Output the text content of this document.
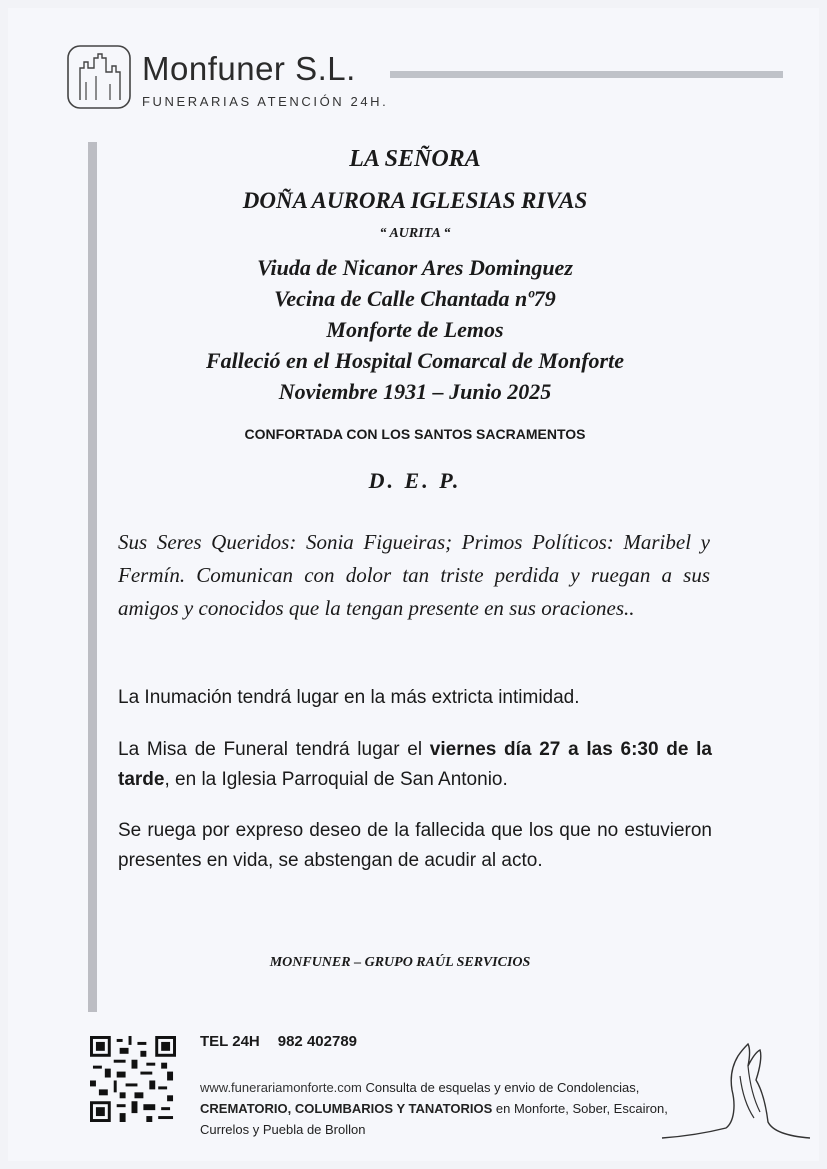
Monfuner S.L.
FUNERARIAS ATENCIÓN 24H.
LA SEÑORA
DOÑA AURORA IGLESIAS RIVAS
“ AURITA “
Viuda de Nicanor Ares Dominguez
Vecina de Calle Chantada nº79
Monforte de Lemos
Falleció en el Hospital Comarcal de Monforte
Noviembre 1931 – Junio 2025
CONFORTADA CON LOS SANTOS SACRAMENTOS
D. E. P.
Sus Seres Queridos: Sonia Figueiras; Primos Políticos: Maribel y Fermín. Comunican con dolor tan triste perdida y ruegan a sus amigos y conocidos que la tengan presente en sus oraciones..
La Inumación tendrá lugar en la más extricta intimidad.
La Misa de Funeral tendrá lugar el viernes día 27 a las 6:30 de la tarde, en la Iglesia Parroquial de San Antonio.
Se ruega por expreso deseo de la fallecida que los que no estuvieron presentes en vida, se abstengan de acudir al acto.
MONFUNER – GRUPO RAÚL SERVICIOS
TEL 24H 982 402789
www.funerariamonforte.com Consulta de esquelas y envio de Condolencias, CREMATORIO, COLUMBARIOS Y TANATORIOS en Monforte, Sober, Escairon, Currelos y Puebla de Brollon
